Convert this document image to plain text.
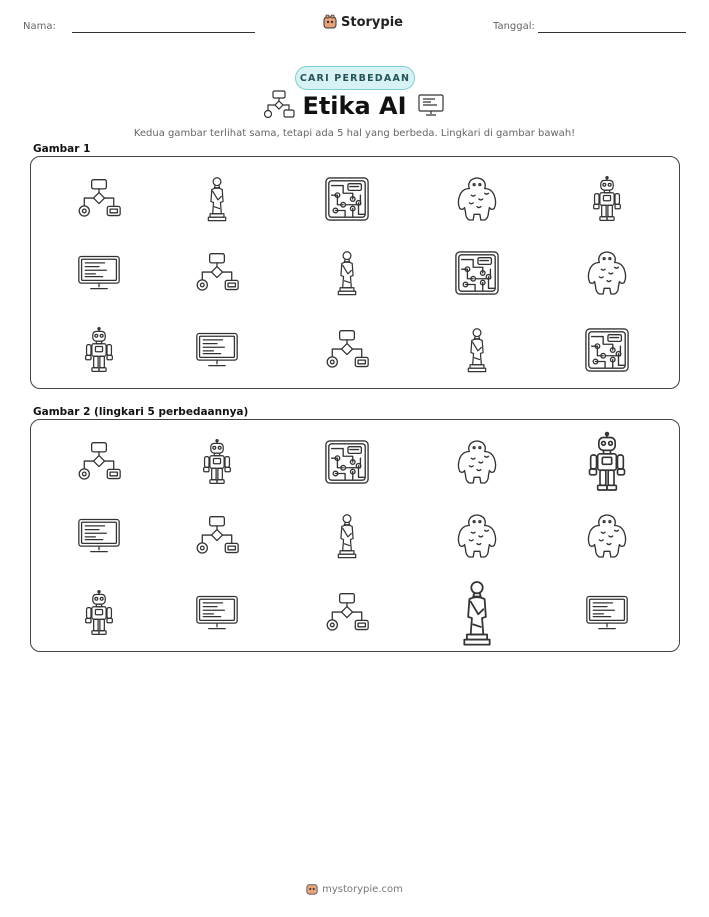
Nama:	Storypie	Tanggal:
CARI PERBEDAAN
Etika AI
Kedua gambar terlihat sama, tetapi ada 5 hal yang berbeda. Lingkari di gambar bawah!
Gambar 1
Gambar 2 (lingkari 5 perbedaannya)
mystorypie.com
